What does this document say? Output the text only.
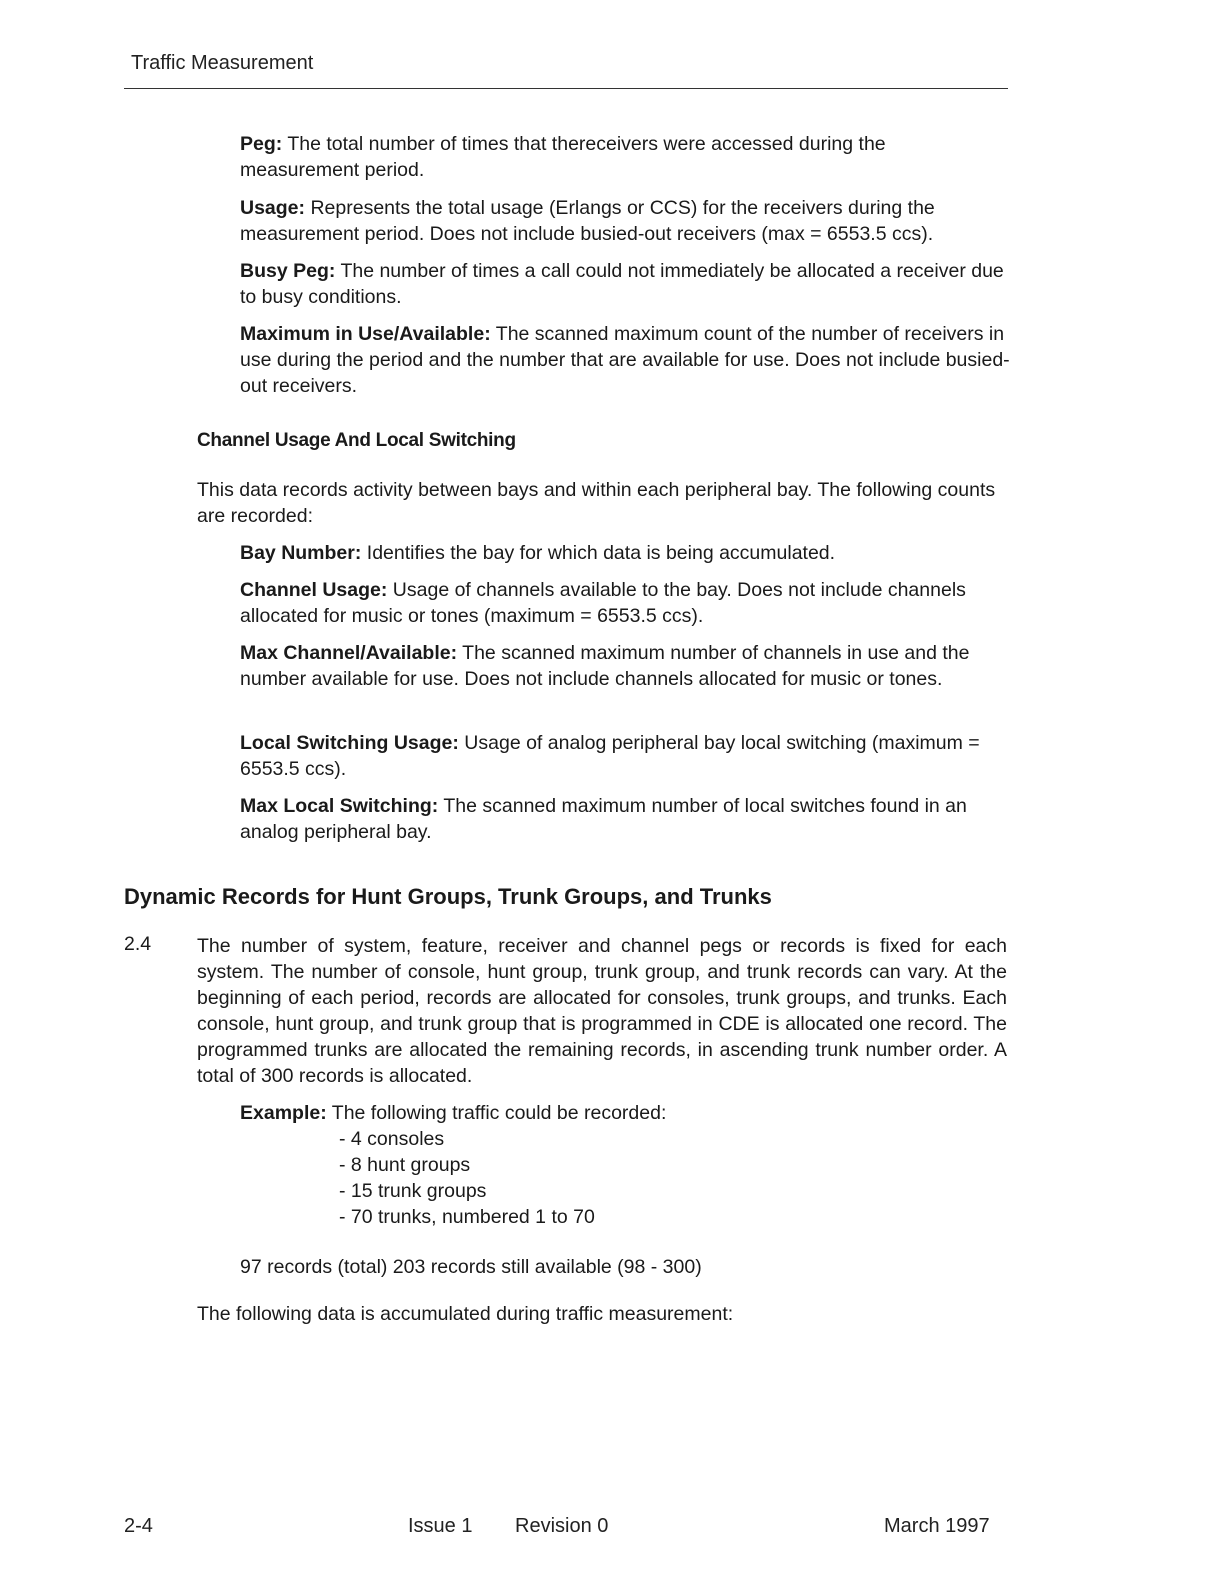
Traffic Measurement

Peg: The total number of times that thereceivers were accessed during the measurement period.

Usage: Represents the total usage (Erlangs or CCS) for the receivers during the measurement period. Does not include busied-out receivers (max = 6553.5 ccs).

Busy Peg: The number of times a call could not immediately be allocated a receiver due to busy conditions.

Maximum in Use/Available: The scanned maximum count of the number of receivers in use during the period and the number that are available for use. Does not include busied-out receivers.

Channel Usage And Local Switching

This data records activity between bays and within each peripheral bay. The following counts are recorded:

Bay Number: Identifies the bay for which data is being accumulated.

Channel Usage: Usage of channels available to the bay. Does not include channels allocated for music or tones (maximum = 6553.5 ccs).

Max Channel/Available: The scanned maximum number of channels in use and the number available for use. Does not include channels allocated for music or tones.

Local Switching Usage: Usage of analog peripheral bay local switching (maximum = 6553.5 ccs).

Max Local Switching: The scanned maximum number of local switches found in an analog peripheral bay.

Dynamic Records for Hunt Groups, Trunk Groups, and Trunks
2.4 The number of system, feature, receiver and channel pegs or records is fixed for each system. The number of console, hunt group, trunk group, and trunk records can vary. At the beginning of each period, records are allocated for consoles, trunk groups, and trunks. Each console, hunt group, and trunk group that is programmed in CDE is allocated one record. The programmed trunks are allocated the remaining records, in ascending trunk number order. A total of 300 records is allocated.

Example: The following traffic could be recorded:

- 4 consoles
- 8 hunt groups
- 15 trunk groups
- 70 trunks, numbered 1 to 70

97 records (total) 203 records still available (98 - 300)

The following data is accumulated during traffic measurement:

2-4	Issue 1 Revision 0	March 1997
